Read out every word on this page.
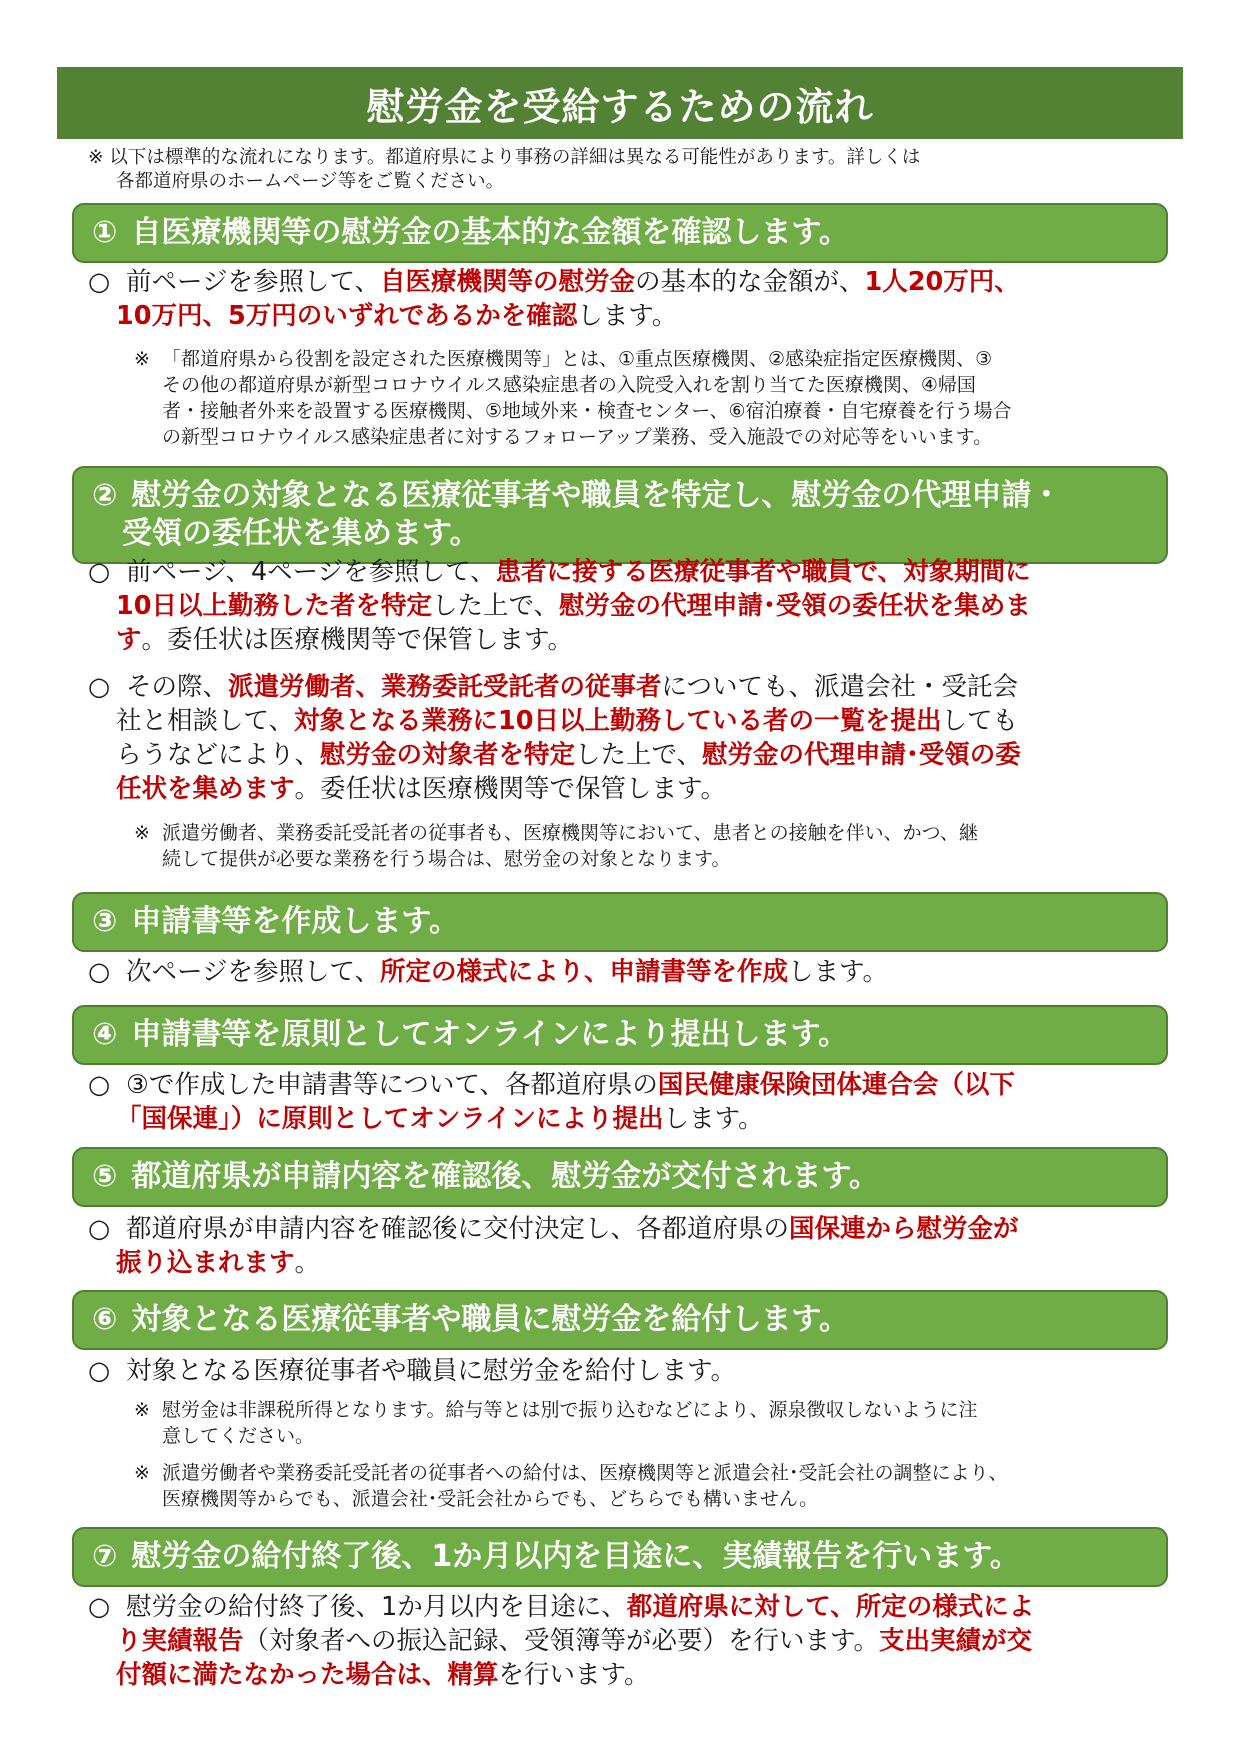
慰労金を受給するための流れ
※ 以下は標準的な流れになります。都道府県により事務の詳細は異なる可能性があります。詳しくは
各都道府県のホームページ等をご覧ください。
① 自医療機関等の慰労金の基本的な金額を確認します。
○ 前ページを参照して、自医療機関等の慰労金の基本的な金額が、1人20万円、
10万円、5万円のいずれであるかを確認します。
※ 「都道府県から役割を設定された医療機関等」とは、①重点医療機関、②感染症指定医療機関、③
その他の都道府県が新型コロナウイルス感染症患者の入院受入れを割り当てた医療機関、④帰国
者・接触者外来を設置する医療機関、⑤地域外来・検査センター、⑥宿泊療養・自宅療養を行う場合
の新型コロナウイルス感染症患者に対するフォローアップ業務、受入施設での対応等をいいます。
② 慰労金の対象となる医療従事者や職員を特定し、慰労金の代理申請・
受領の委任状を集めます。
○ 前ページ、4ページを参照して、患者に接する医療従事者や職員で、対象期間に
10日以上勤務した者を特定した上で、慰労金の代理申請･受領の委任状を集めま
す。委任状は医療機関等で保管します。
○ その際、派遣労働者、業務委託受託者の従事者についても、派遣会社・受託会
社と相談して、対象となる業務に10日以上勤務している者の一覧を提出しても
らうなどにより、慰労金の対象者を特定した上で、慰労金の代理申請･受領の委
任状を集めます。委任状は医療機関等で保管します。
※ 派遣労働者、業務委託受託者の従事者も、医療機関等において、患者との接触を伴い、かつ、継
続して提供が必要な業務を行う場合は、慰労金の対象となります。
③ 申請書等を作成します。
○ 次ページを参照して、所定の様式により、申請書等を作成します。
④ 申請書等を原則としてオンラインにより提出します。
○ ③で作成した申請書等について、各都道府県の国民健康保険団体連合会（以下
「国保連」）に原則としてオンラインにより提出します。
⑤ 都道府県が申請内容を確認後、慰労金が交付されます。
○ 都道府県が申請内容を確認後に交付決定し、各都道府県の国保連から慰労金が
振り込まれます。
⑥ 対象となる医療従事者や職員に慰労金を給付します。
○ 対象となる医療従事者や職員に慰労金を給付します。
※ 慰労金は非課税所得となります。給与等とは別で振り込むなどにより、源泉徴収しないように注
意してください。
※ 派遣労働者や業務委託受託者の従事者への給付は、医療機関等と派遣会社･受託会社の調整により、
医療機関等からでも、派遣会社･受託会社からでも、どちらでも構いません。
⑦ 慰労金の給付終了後、1か月以内を目途に、実績報告を行います。
○ 慰労金の給付終了後、1か月以内を目途に、都道府県に対して、所定の様式によ
り実績報告（対象者への振込記録、受領簿等が必要）を行います。支出実績が交
付額に満たなかった場合は、精算を行います。
